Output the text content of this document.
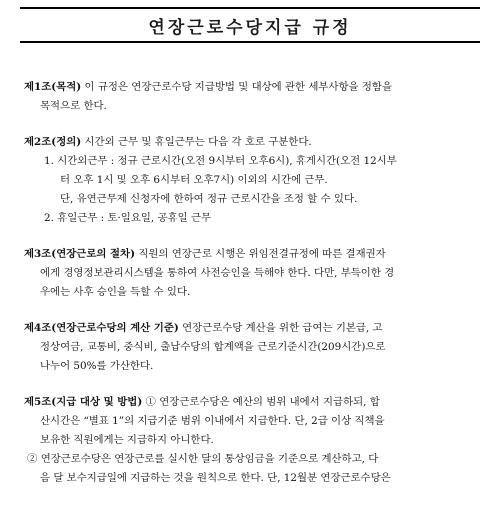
연장근로수당지급 규정

제1조(목적) 이 규정은 연장근로수당 지급방법 및 대상에 관한 세부사항을 정함을
목적으로 한다.

제2조(정의) 시간외 근무 및 휴일근무는 다음 각 호로 구분한다.
1. 시간외근무 : 정규 근로시간(오전 9시부터 오후6시), 휴게시간(오전 12시부
터 오후 1시 및 오후 6시부터 오후7시) 이외의 시간에 근무.
단, 유연근무제 신청자에 한하여 정규 근로시간을 조정 할 수 있다.
2. 휴일근무 : 토·일요일, 공휴일 근무

제3조(연장근로의 절차) 직원의 연장근로 시행은 위임전결규정에 따른 결재권자
에게 경영정보관리시스템을 통하여 사전승인을 득해야 한다. 다만, 부득이한 경
우에는 사후 승인을 득할 수 있다.

제4조(연장근로수당의 계산 기준) 연장근로수당 계산을 위한 급여는 기본급, 고
정상여금, 교통비, 중식비, 출납수당의 합계액을 근로기준시간(209시간)으로
나누어 50%를 가산한다.

제5조(지급 대상 및 방법) ① 연장근로수당은 예산의 범위 내에서 지급하되, 합
산시간은 “별표 1”의 지급기준 범위 이내에서 지급한다. 단, 2급 이상 직책을
보유한 직원에게는 지급하지 아니한다.
② 연장근로수당은 연장근로를 실시한 달의 통상임금을 기준으로 계산하고, 다
음 달 보수지급일에 지급하는 것을 원칙으로 한다. 단, 12월분 연장근로수당은
